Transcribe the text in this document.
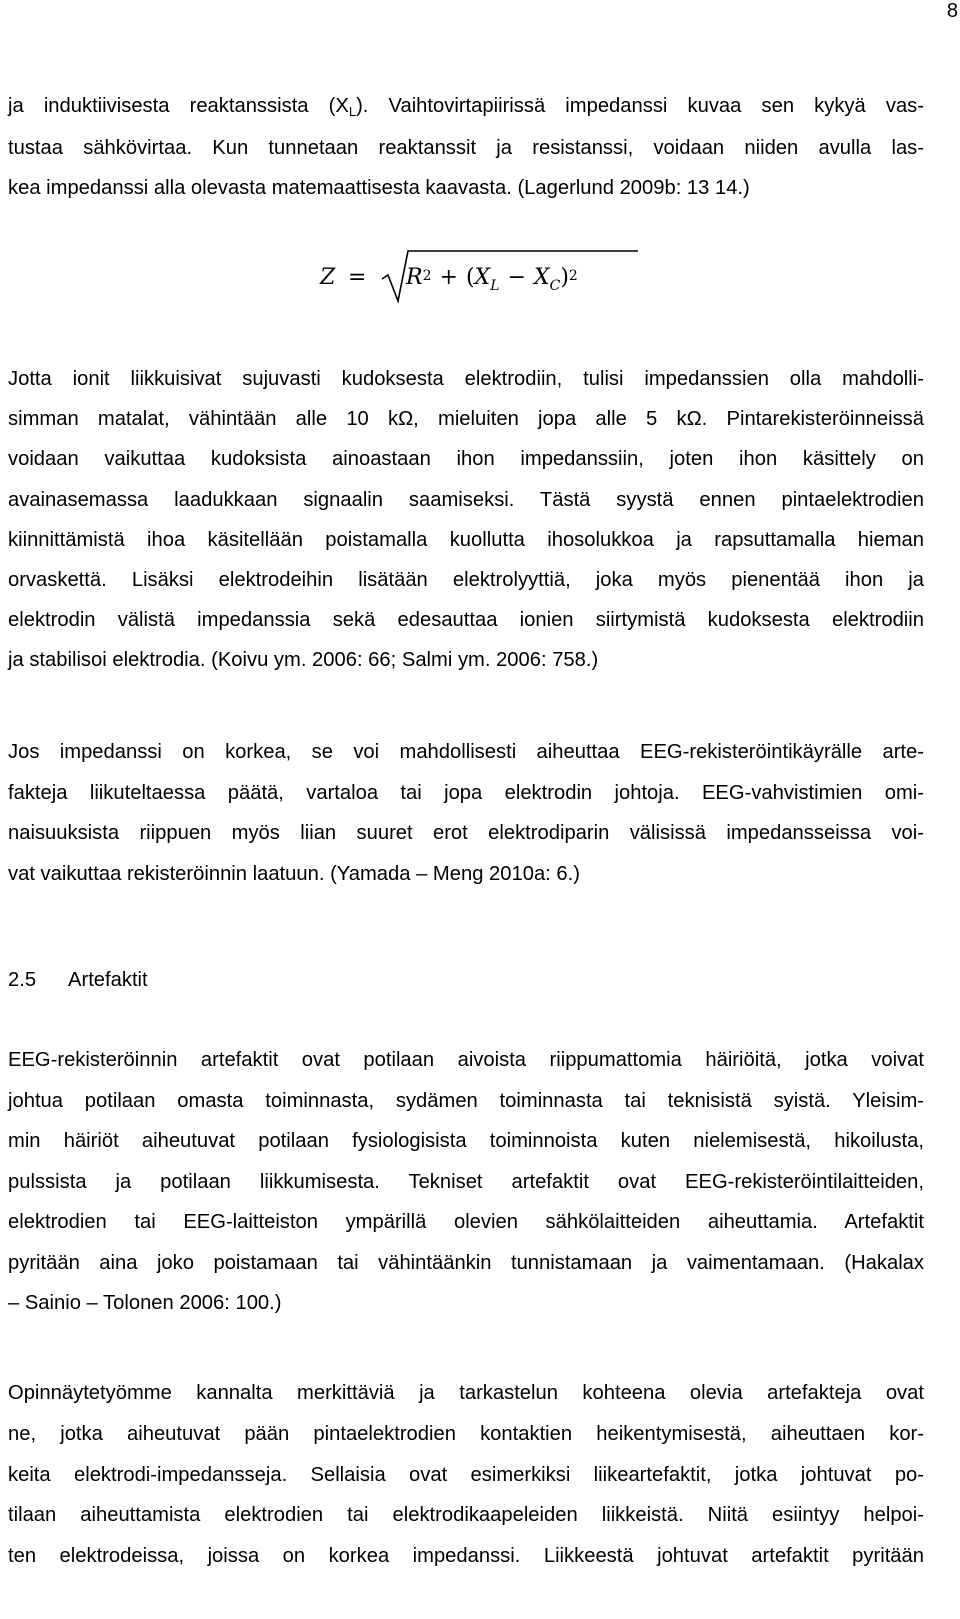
8
ja induktiivisesta reaktanssista (XL). Vaihtovirtapiirissä impedanssi kuvaa sen kykyä vas-
tustaa sähkövirtaa. Kun tunnetaan reaktanssit ja resistanssi, voidaan niiden avulla las-
kea impedanssi alla olevasta matemaattisesta kaavasta. (Lagerlund 2009b: 13 14.)
$Z = R^2 + (X_L - X_C)^2$
Jotta ionit liikkuisivat sujuvasti kudoksesta elektrodiin, tulisi impedanssien olla mahdolli-
simman matalat, vähintään alle 10 kΩ, mieluiten jopa alle 5 kΩ. Pintarekisteröinneissä
voidaan vaikuttaa kudoksista ainoastaan ihon impedanssiin, joten ihon käsittely on
avainasemassa laadukkaan signaalin saamiseksi. Tästä syystä ennen pintaelektrodien
kiinnittämistä ihoa käsitellään poistamalla kuollutta ihosolukkoa ja rapsuttamalla hieman
orvaskettä. Lisäksi elektrodeihin lisätään elektrolyyttiä, joka myös pienentää ihon ja
elektrodin välistä impedanssia sekä edesauttaa ionien siirtymistä kudoksesta elektrodiin
ja stabilisoi elektrodia. (Koivu ym. 2006: 66; Salmi ym. 2006: 758.)
Jos impedanssi on korkea, se voi mahdollisesti aiheuttaa EEG-rekisteröintikäyrälle arte-
fakteja liikuteltaessa päätä, vartaloa tai jopa elektrodin johtoja. EEG-vahvistimien omi-
naisuuksista riippuen myös liian suuret erot elektrodiparin välisissä impedansseissa voi-
vat vaikuttaa rekisteröinnin laatuun. (Yamada – Meng 2010a: 6.)
2.5 Artefaktit
EEG-rekisteröinnin artefaktit ovat potilaan aivoista riippumattomia häiriöitä, jotka voivat
johtua potilaan omasta toiminnasta, sydämen toiminnasta tai teknisistä syistä. Yleisim-
min häiriöt aiheutuvat potilaan fysiologisista toiminnoista kuten nielemisestä, hikoilusta,
pulssista ja potilaan liikkumisesta. Tekniset artefaktit ovat EEG-rekisteröintilaitteiden,
elektrodien tai EEG-laitteiston ympärillä olevien sähkölaitteiden aiheuttamia. Artefaktit
pyritään aina joko poistamaan tai vähintäänkin tunnistamaan ja vaimentamaan. (Hakalax
– Sainio – Tolonen 2006: 100.)
Opinnäytetyömme kannalta merkittäviä ja tarkastelun kohteena olevia artefakteja ovat
ne, jotka aiheutuvat pään pintaelektrodien kontaktien heikentymisestä, aiheuttaen kor-
keita elektrodi-impedansseja. Sellaisia ovat esimerkiksi liikeartefaktit, jotka johtuvat po-
tilaan aiheuttamista elektrodien tai elektrodikaapeleiden liikkeistä. Niitä esiintyy helpoi-
ten elektrodeissa, joissa on korkea impedanssi. Liikkeestä johtuvat artefaktit pyritään
